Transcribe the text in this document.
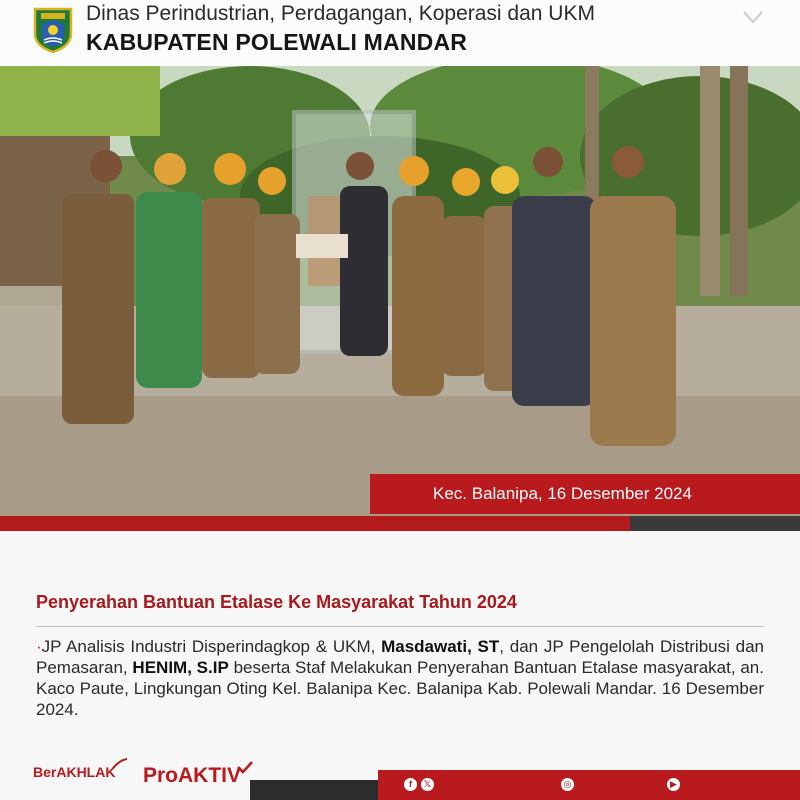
Dinas Perindustrian, Perdagangan, Koperasi dan UKM
KABUPATEN POLEWALI MANDAR
Kec. Balanipa, 16 Desember 2024
Penyerahan Bantuan Etalase Ke Masyarakat Tahun 2024
·JP Analisis Industri Disperindagkop & UKM, Masdawati, ST, dan JP Pengelolah Distribusi dan Pemasaran, HENIM, S.IP beserta Staf Melakukan Penyerahan Bantuan Etalase masyarakat, an. Kaco Paute, Lingkungan Oting Kel. Balanipa Kec. Balanipa Kab. Polewali Mandar. 16 Desember 2024.
BerAKHLAK ProAKTIV	f	𝕏	◎	▶
